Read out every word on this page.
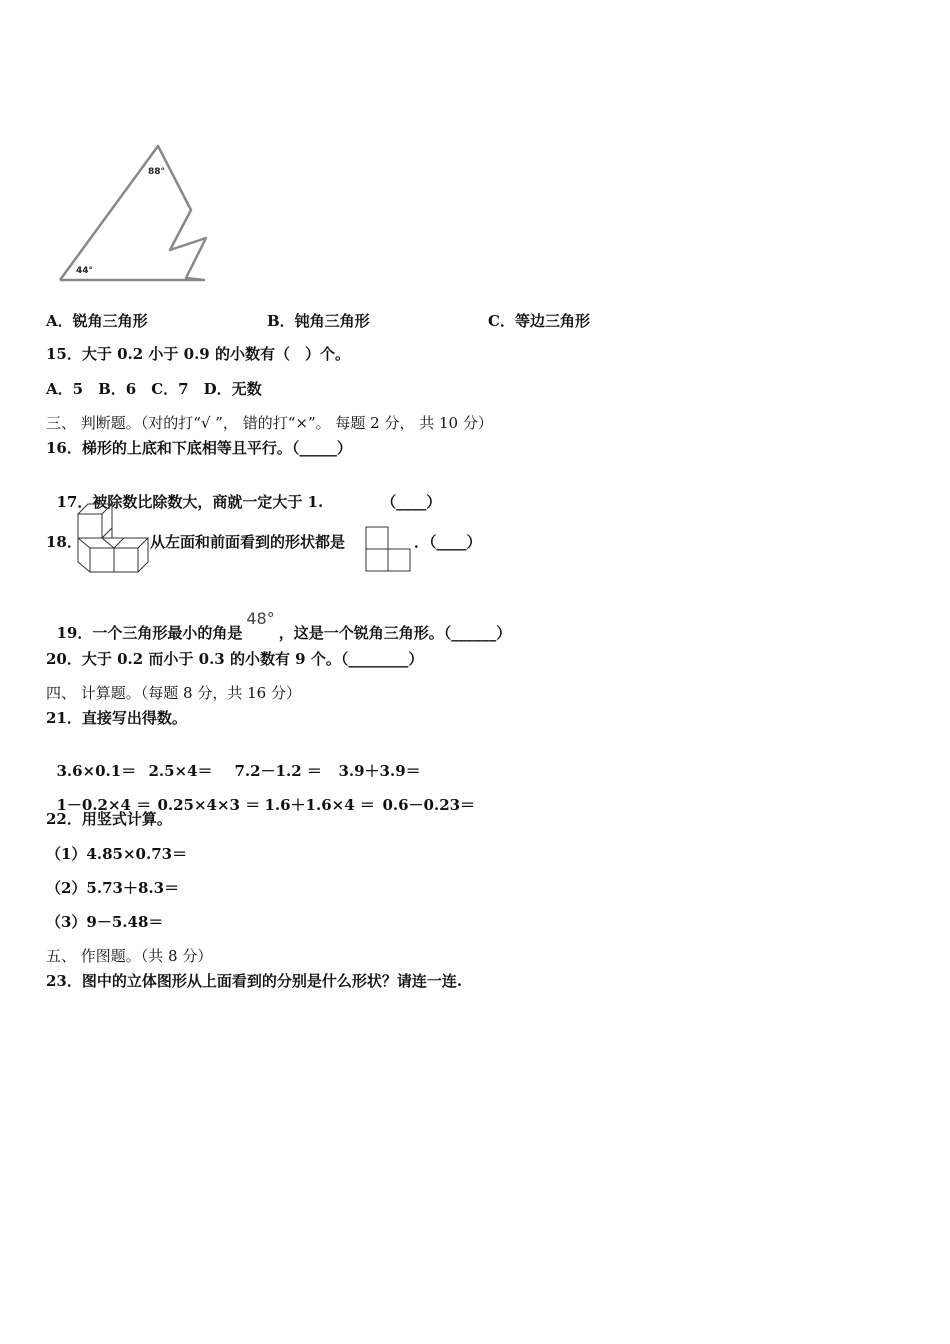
88°
44°
A．锐角三角形	B．钝角三角形	C．等边三角形
15．大于 0.2 小于 0.9 的小数有（　）个。
A．5　B．6　C．7　D．无数
三、 判断题。（对的打“√ ”， 错的打“×”。 每题 2 分， 共 10 分）
16．梯形的上底和下底相等且平行。（_____）

17．被除数比除数大，商就一定大于 1.	（____）

18．	从左面和前面看到的形状都是	．（____）

19．一个三角形最小的角是48°，这是一个锐角三角形。（______）

20．大于 0.2 而小于 0.3 的小数有 9 个。（________）
四、 计算题。（每题 8 分，共 16 分）
21．直接写出得数。

3.6×0.1＝ 2.5×4＝ 7.2－1.2 ＝ 3.9＋3.9＝

1－0.2×4 ＝ 0.25×4×3 ＝ 1.6＋1.6×4 ＝ 0.6－0.23＝

22．用竖式计算。
（1）4.85×0.73＝
（2）5.73＋8.3＝
（3）9－5.48＝
五、 作图题。（共 8 分）
23．图中的立体图形从上面看到的分别是什么形状？请连一连.
